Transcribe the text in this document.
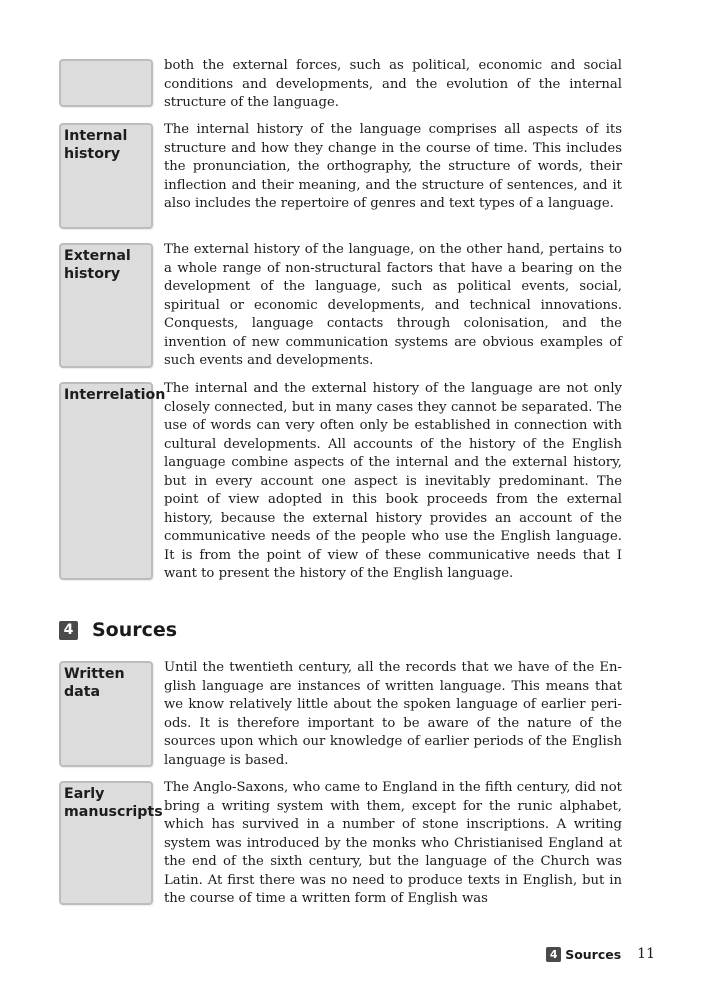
both the external forces, such as political, economic and social conditions and developments, and the evolution of the internal structure of the language.

Internal history

The internal history of the language comprises all aspects of its structure and how they change in the course of time. This includes the pronunciation, the orthography, the structure of words, their inflection and their meaning, and the structure of sentences, and it also includes the repertoire of genres and text types of a language.

External history

The external history of the language, on the other hand, pertains to a whole range of non-structural factors that have a bearing on the development of the language, such as political events, social, spiritual or economic developments, and technical innovations. Conquests, language contacts through colonisation, and the invention of new communication systems are obvious examples of such events and developments.

Interrelation

The internal and the external history of the language are not only closely connected, but in many cases they cannot be separated. The use of words can very often only be established in connection with cultural developments. All accounts of the history of the English language combine aspects of the internal and the external history, but in every account one aspect is inevitably predominant. The point of view adopted in this book proceeds from the external history, because the external history provides an account of the communicative needs of the people who use the English language. It is from the point of view of these communicative needs that I want to present the history of the English language.

4 Sources
Written data

Until the twentieth century, all the records that we have of the English language are instances of written language. This means that we know relatively little about the spoken language of earlier periods. It is therefore important to be aware of the nature of the sources upon which our knowledge of earlier periods of the English language is based.

Early manuscripts

The Anglo-Saxons, who came to England in the fifth century, did not bring a writing system with them, except for the runic alphabet, which has survived in a number of stone inscriptions. A writing system was introduced by the monks who Christianised England at the end of the sixth century, but the language of the Church was Latin. At first there was no need to produce texts in English, but in the course of time a written form of English was

4 Sources 11
